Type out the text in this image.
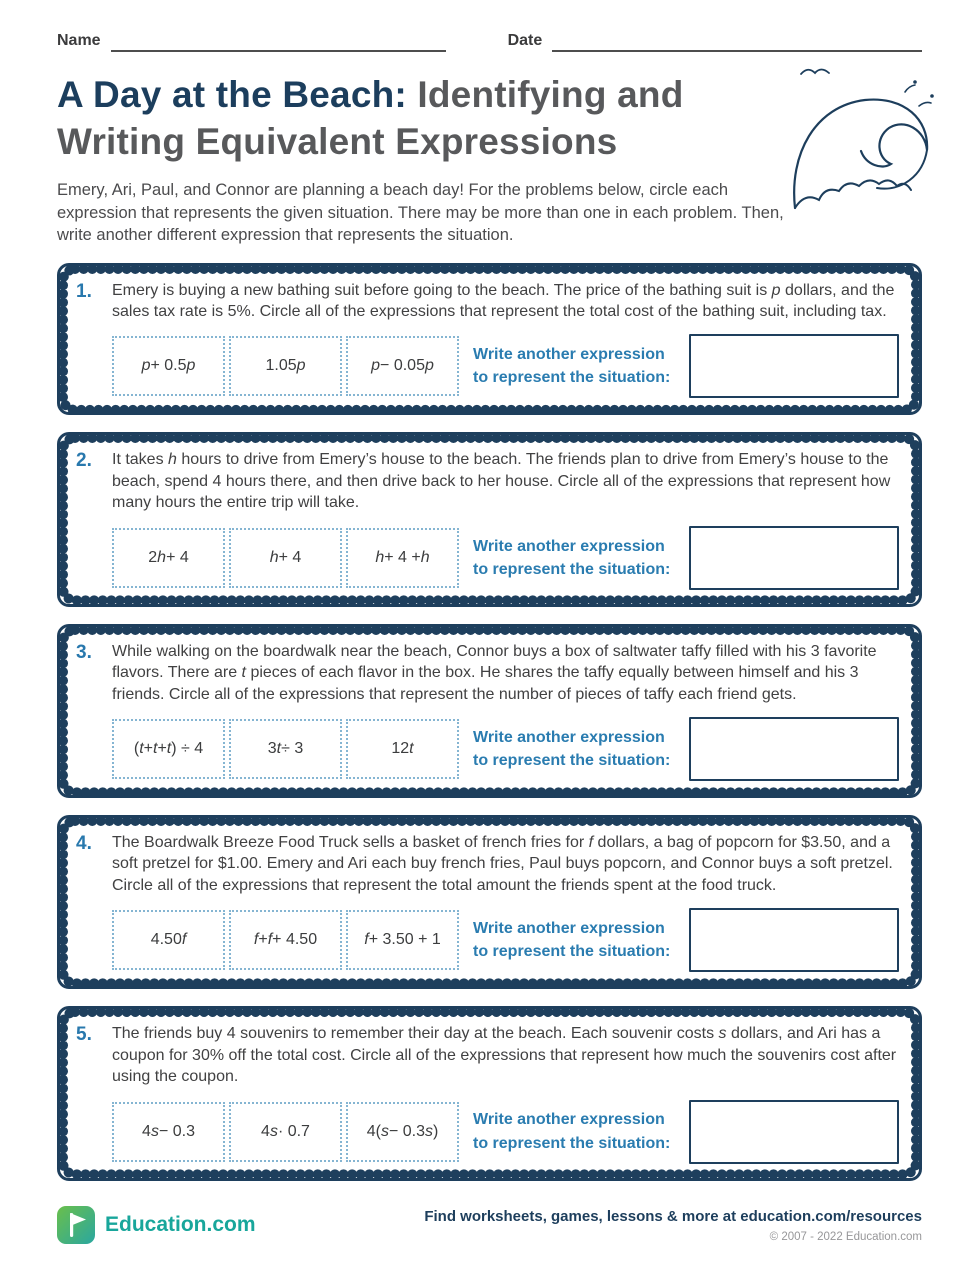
Name	Date
A Day at the Beach: Identifying and Writing Equivalent Expressions

Emery, Ari, Paul, and Connor are planning a beach day! For the problems below, circle each expression that represents the given situation. There may be more than one in each problem. Then, write another different expression that represents the situation.

1.	Emery is buying a new bathing suit before going to the beach. The price of the bathing suit is p dollars, and the sales tax rate is 5%. Circle all of the expressions that represent the total cost of the bathing suit, including tax.
p + 0.5 p	1.05 p	p − 0.05 p
Write another expression to represent the situation:
2.	It takes h hours to drive from Emery’s house to the beach. The friends plan to drive from Emery’s house to the beach, spend 4 hours there, and then drive back to her house. Circle all of the expressions that represent how many hours the entire trip will take.
2 h + 4	h + 4	h + 4 + h
Write another expression to represent the situation:
3.	While walking on the boardwalk near the beach, Connor buys a box of saltwater taffy filled with his 3 favorite flavors. There are t pieces of each flavor in the box. He shares the taffy equally between himself and his 3 friends. Circle all of the expressions that represent the number of pieces of taffy each friend gets.
( t + t + t ) ÷ 4	3 t ÷ 3	12 t
Write another expression to represent the situation:
4.	The Boardwalk Breeze Food Truck sells a basket of french fries for f dollars, a bag of popcorn for $3.50, and a soft pretzel for $1.00. Emery and Ari each buy french fries, Paul buys popcorn, and Connor buys a soft pretzel. Circle all of the expressions that represent the total amount the friends spent at the food truck.
4.50 f	f + f + 4.50	f + 3.50 + 1
Write another expression to represent the situation:
5.	The friends buy 4 souvenirs to remember their day at the beach. Each souvenir costs s dollars, and Ari has a coupon for 30% off the total cost. Circle all of the expressions that represent how much the souvenirs cost after using the coupon.
4 s − 0.3	4 s · 0.7	4( s − 0.3 s )
Write another expression to represent the situation:
Education.com	Find worksheets, games, lessons & more at education.com/resources
© 2007 - 2022 Education.com
